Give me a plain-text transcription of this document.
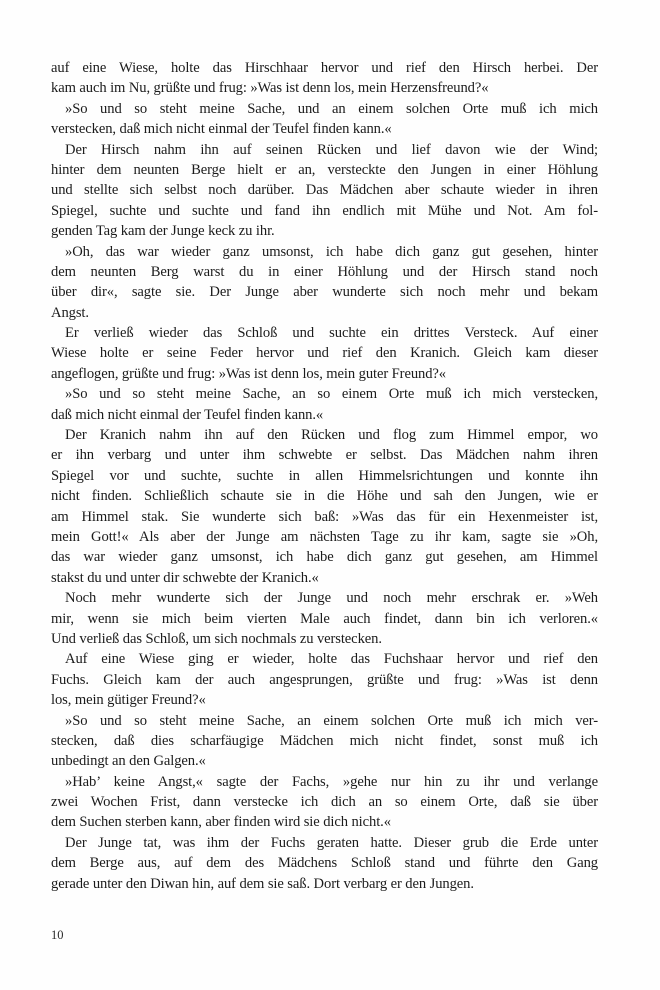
auf eine Wiese, holte das Hirschhaar hervor und rief den Hirsch herbei. Der
kam auch im Nu, grüßte und frug: »Was ist denn los, mein Herzensfreund?«
»So und so steht meine Sache, und an einem solchen Orte muß ich mich
verstecken, daß mich nicht einmal der Teufel finden kann.«
Der Hirsch nahm ihn auf seinen Rücken und lief davon wie der Wind;
hinter dem neunten Berge hielt er an, versteckte den Jungen in einer Höhlung
und stellte sich selbst noch darüber. Das Mädchen aber schaute wieder in ihren
Spiegel, suchte und suchte und fand ihn endlich mit Mühe und Not. Am fol-
genden Tag kam der Junge keck zu ihr.
»Oh, das war wieder ganz umsonst, ich habe dich ganz gut gesehen, hinter
dem neunten Berg warst du in einer Höhlung und der Hirsch stand noch
über dir«, sagte sie. Der Junge aber wunderte sich noch mehr und bekam
Angst.
Er verließ wieder das Schloß und suchte ein drittes Versteck. Auf einer
Wiese holte er seine Feder hervor und rief den Kranich. Gleich kam dieser
angeflogen, grüßte und frug: »Was ist denn los, mein guter Freund?«
»So und so steht meine Sache, an so einem Orte muß ich mich verstecken,
daß mich nicht einmal der Teufel finden kann.«
Der Kranich nahm ihn auf den Rücken und flog zum Himmel empor, wo
er ihn verbarg und unter ihm schwebte er selbst. Das Mädchen nahm ihren
Spiegel vor und suchte, suchte in allen Himmelsrichtungen und konnte ihn
nicht finden. Schließlich schaute sie in die Höhe und sah den Jungen, wie er
am Himmel stak. Sie wunderte sich baß: »Was das für ein Hexenmeister ist,
mein Gott!« Als aber der Junge am nächsten Tage zu ihr kam, sagte sie »Oh,
das war wieder ganz umsonst, ich habe dich ganz gut gesehen, am Himmel
stakst du und unter dir schwebte der Kranich.«
Noch mehr wunderte sich der Junge und noch mehr erschrak er. »Weh
mir, wenn sie mich beim vierten Male auch findet, dann bin ich verloren.«
Und verließ das Schloß, um sich nochmals zu verstecken.
Auf eine Wiese ging er wieder, holte das Fuchshaar hervor und rief den
Fuchs. Gleich kam der auch angesprungen, grüßte und frug: »Was ist denn
los, mein gütiger Freund?«
»So und so steht meine Sache, an einem solchen Orte muß ich mich ver-
stecken, daß dies scharfäugige Mädchen mich nicht findet, sonst muß ich
unbedingt an den Galgen.«
»Hab’ keine Angst,« sagte der Fachs, »gehe nur hin zu ihr und verlange
zwei Wochen Frist, dann verstecke ich dich an so einem Orte, daß sie über
dem Suchen sterben kann, aber finden wird sie dich nicht.«
Der Junge tat, was ihm der Fuchs geraten hatte. Dieser grub die Erde unter
dem Berge aus, auf dem des Mädchens Schloß stand und führte den Gang
gerade unter den Diwan hin, auf dem sie saß. Dort verbarg er den Jungen.
10
